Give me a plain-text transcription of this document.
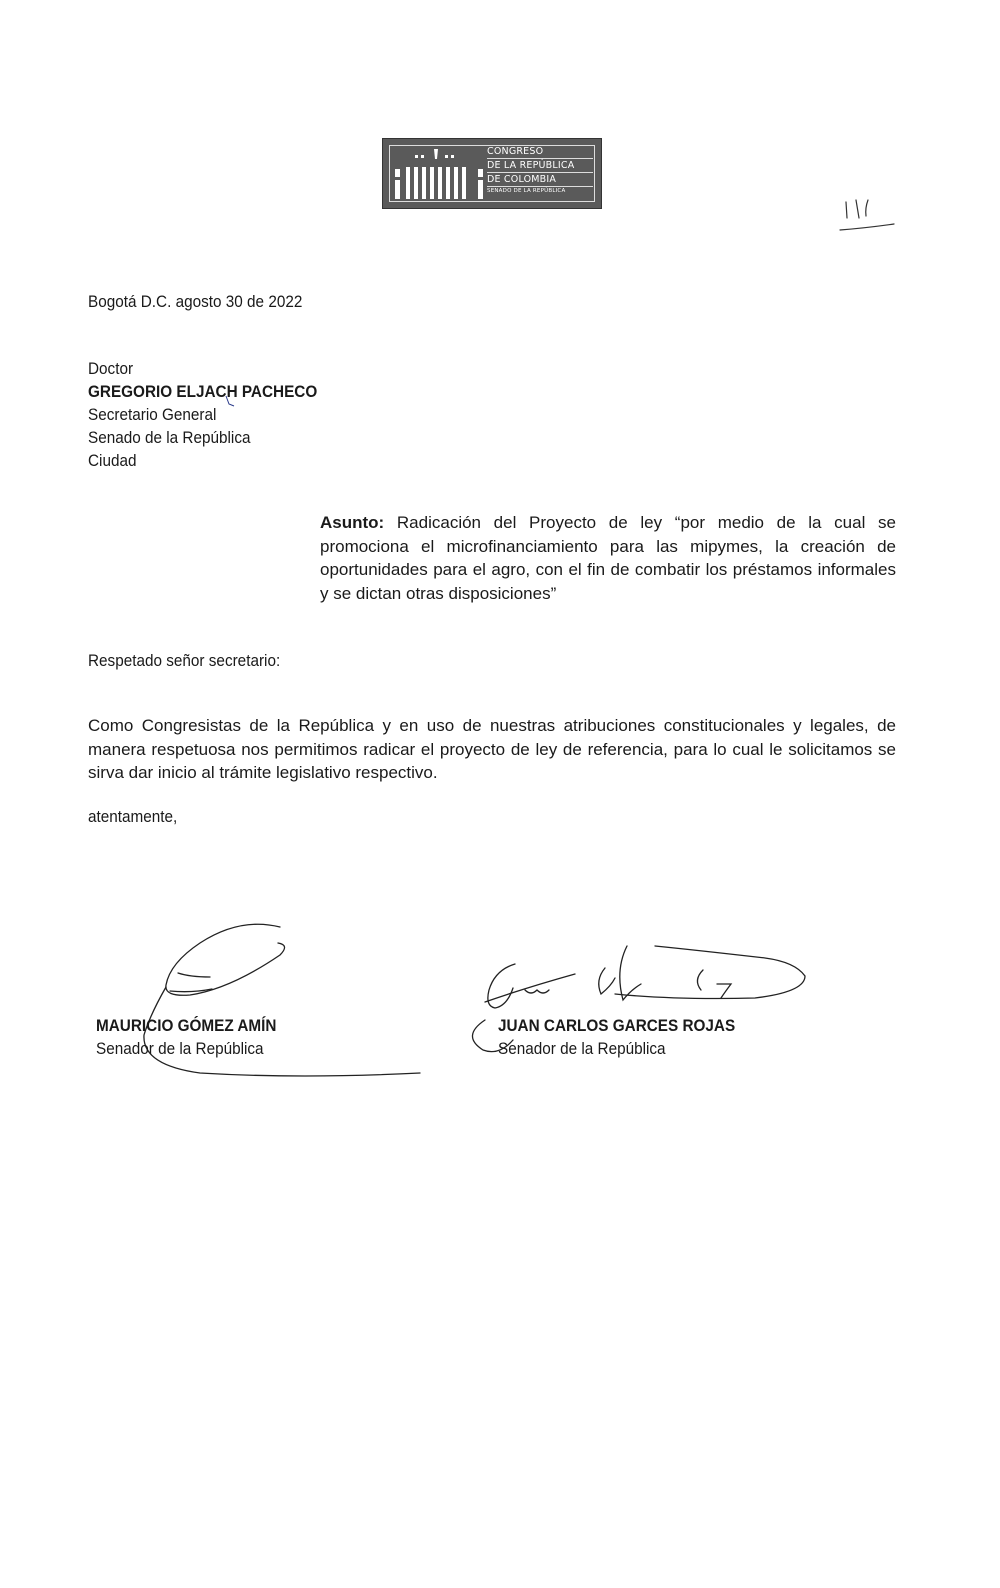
CONGRESO
DE LA REPÚBLICA
DE COLOMBIA
SENADO DE LA REPÚBLICA
Bogotá D.C. agosto 30 de 2022
Doctor
GREGORIO ELJACH PACHECO
Secretario General
Senado de la República
Ciudad
Asunto: Radicación del Proyecto de ley “por medio de la cual se promociona el microfinanciamiento para las mipymes, la creación de oportunidades para el agro, con el fin de combatir los préstamos informales y se dictan otras disposiciones”
Respetado señor secretario:
Como Congresistas de la República y en uso de nuestras atribuciones constitucionales y legales, de manera respetuosa nos permitimos radicar el proyecto de ley de referencia, para lo cual le solicitamos se sirva dar inicio al trámite legislativo respectivo.
atentamente,
MAURICIO GÓMEZ AMÍN
Senador de la República
JUAN CARLOS GARCES ROJAS
Senador de la República
